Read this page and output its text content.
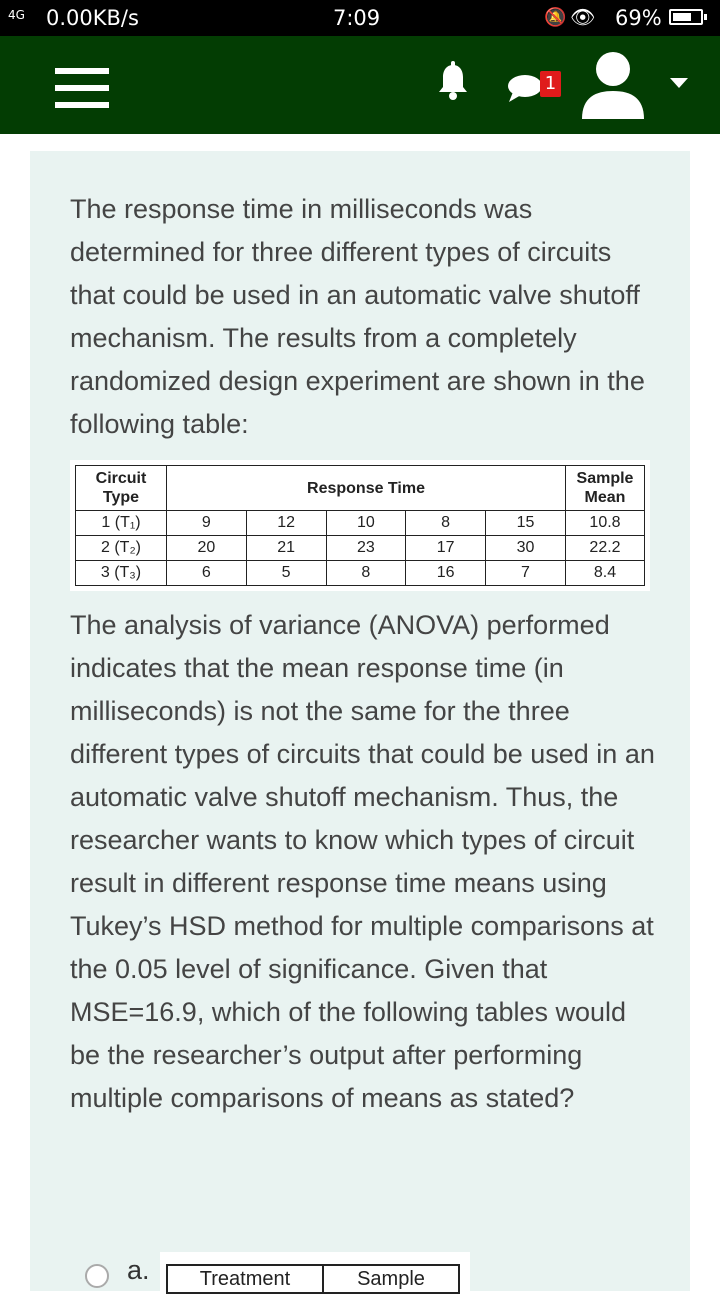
4G 0.00KB/s	7:09	🔕 👁 69%
1

The response time in milliseconds was determined for three different types of circuits that could be used in an automatic valve shutoff mechanism. The results from a completely randomized design experiment are shown in the following table:

Circuit Type	Response Time					Sample Mean
1 (T₁)	9	12	10	8	15	10.8
2 (T₂)	20	21	23	17	30	22.2
3 (T₃)	6	5	8	16	7	8.4

The analysis of variance (ANOVA) performed indicates that the mean response time (in milliseconds) is not the same for the three different types of circuits that could be used in an automatic valve shutoff mechanism. Thus, the researcher wants to know which types of circuit result in different response time means using Tukey’s HSD method for multiple comparisons at the 0.05 level of significance. Given that MSE=16.9, which of the following tables would be the researcher’s output after performing multiple comparisons of means as stated?

a.	Treatment	Sample
